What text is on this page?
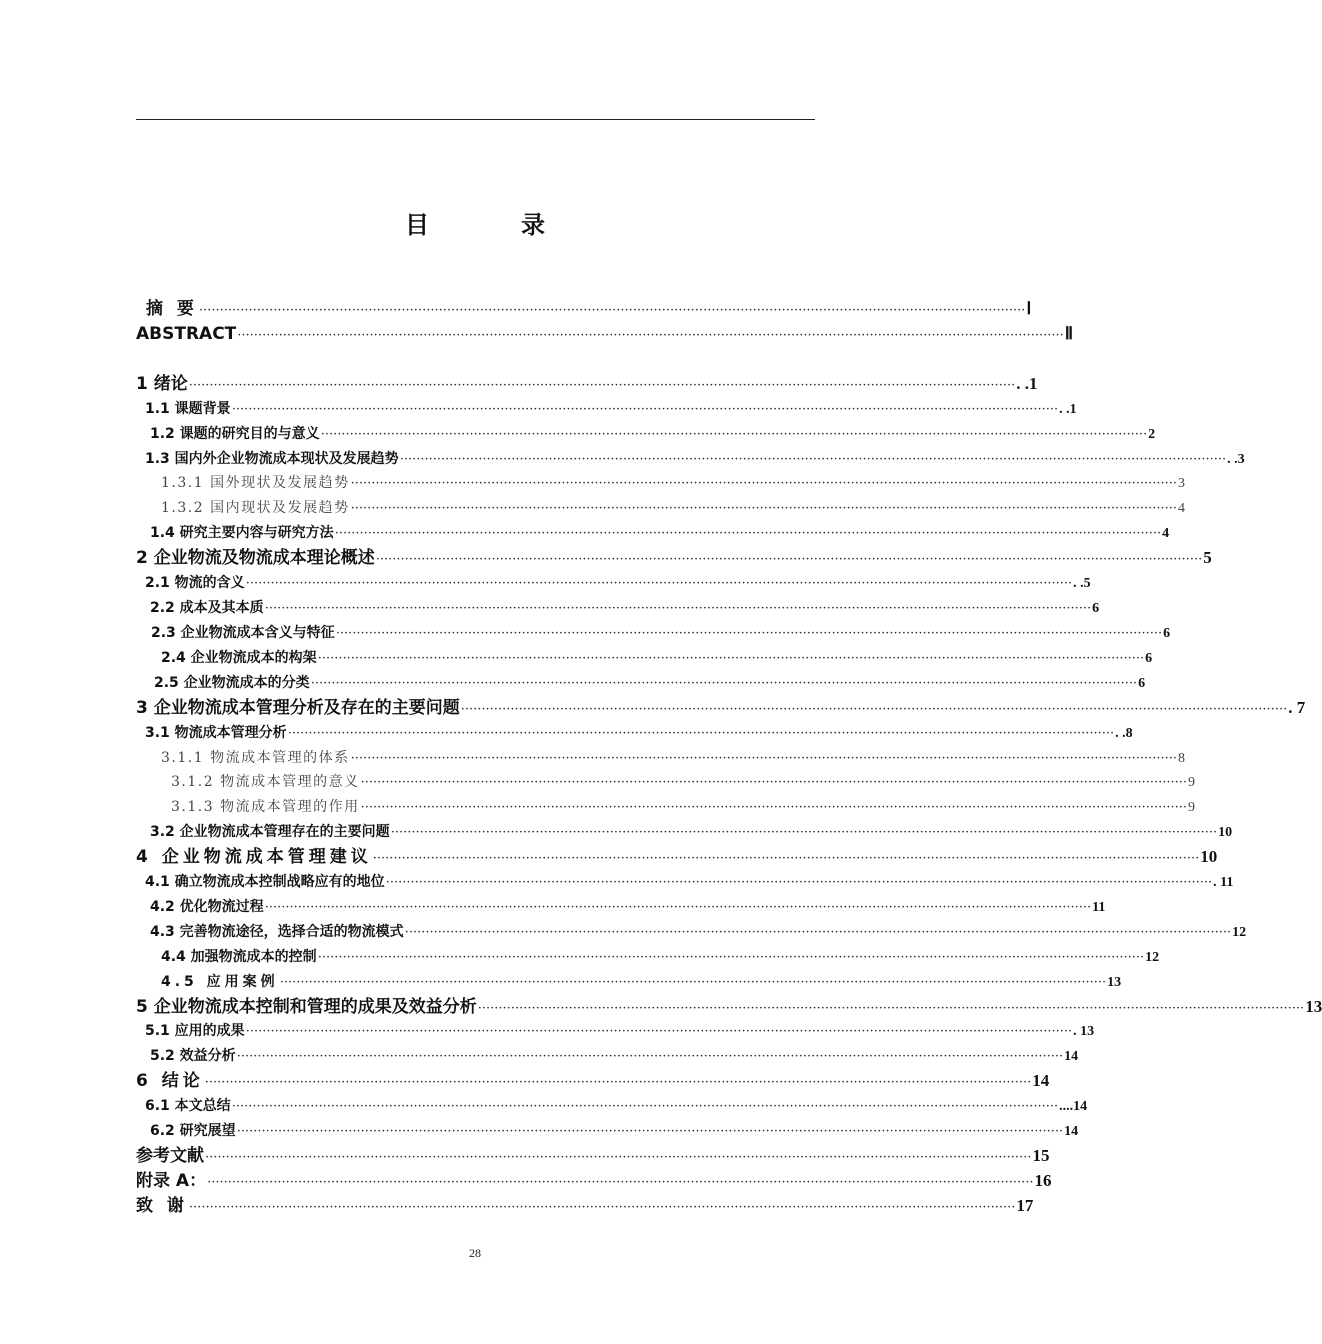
目　录
摘 要 ········································································································································································································ Ⅰ
ABSTRACT ········································································································································································································ Ⅱ
1 绪论 ········································································································································································································ . .1
1.1 课题背景 ········································································································································································································ . .1
1.2 课题的研究目的与意义 ········································································································································································································ 2
1.3 国内外企业物流成本现状及发展趋势 ········································································································································································································ . .3
1.3.1 国外现状及发展趋势 ········································································································································································································ 3
1.3.2 国内现状及发展趋势 ········································································································································································································ 4
1.4 研究主要内容与研究方法 ········································································································································································································ 4
2 企业物流及物流成本理论概述 ········································································································································································································ 5
2.1 物流的含义 ········································································································································································································ . .5
2.2 成本及其本质 ········································································································································································································ 6
2.3 企业物流成本含义与特征 ········································································································································································································ 6
2.4 企业物流成本的构架 ········································································································································································································ 6
2.5 企业物流成本的分类 ········································································································································································································ 6
3 企业物流成本管理分析及存在的主要问题 ········································································································································································································ . 7
3.1 物流成本管理分析 ········································································································································································································ . .8
3.1.1 物流成本管理的体系 ········································································································································································································ 8
3.1.2 物流成本管理的意义 ········································································································································································································ 9
3.1.3 物流成本管理的作用 ········································································································································································································ 9
3.2 企业物流成本管理存在的主要问题 ········································································································································································································ 10
4 企业物流成本管理建议 ········································································································································································································ 10
4.1 确立物流成本控制战略应有的地位 ········································································································································································································ . 11
4.2 优化物流过程 ········································································································································································································ 11
4.3 完善物流途径，选择合适的物流模式 ········································································································································································································ 12
4.4 加强物流成本的控制 ········································································································································································································ 12
4.5 应用案例 ········································································································································································································ 13
5 企业物流成本控制和管理的成果及效益分析 ········································································································································································································ 13
5.1 应用的成果 ········································································································································································································ . 13
5.2 效益分析 ········································································································································································································ 14
6 结论 ········································································································································································································ 14
6.1 本文总结 ········································································································································································································ ....14
6.2 研究展望 ········································································································································································································ 14
参考文献 ········································································································································································································ 15
附录 A： ········································································································································································································ 16
致 谢 ········································································································································································································ 17
28
